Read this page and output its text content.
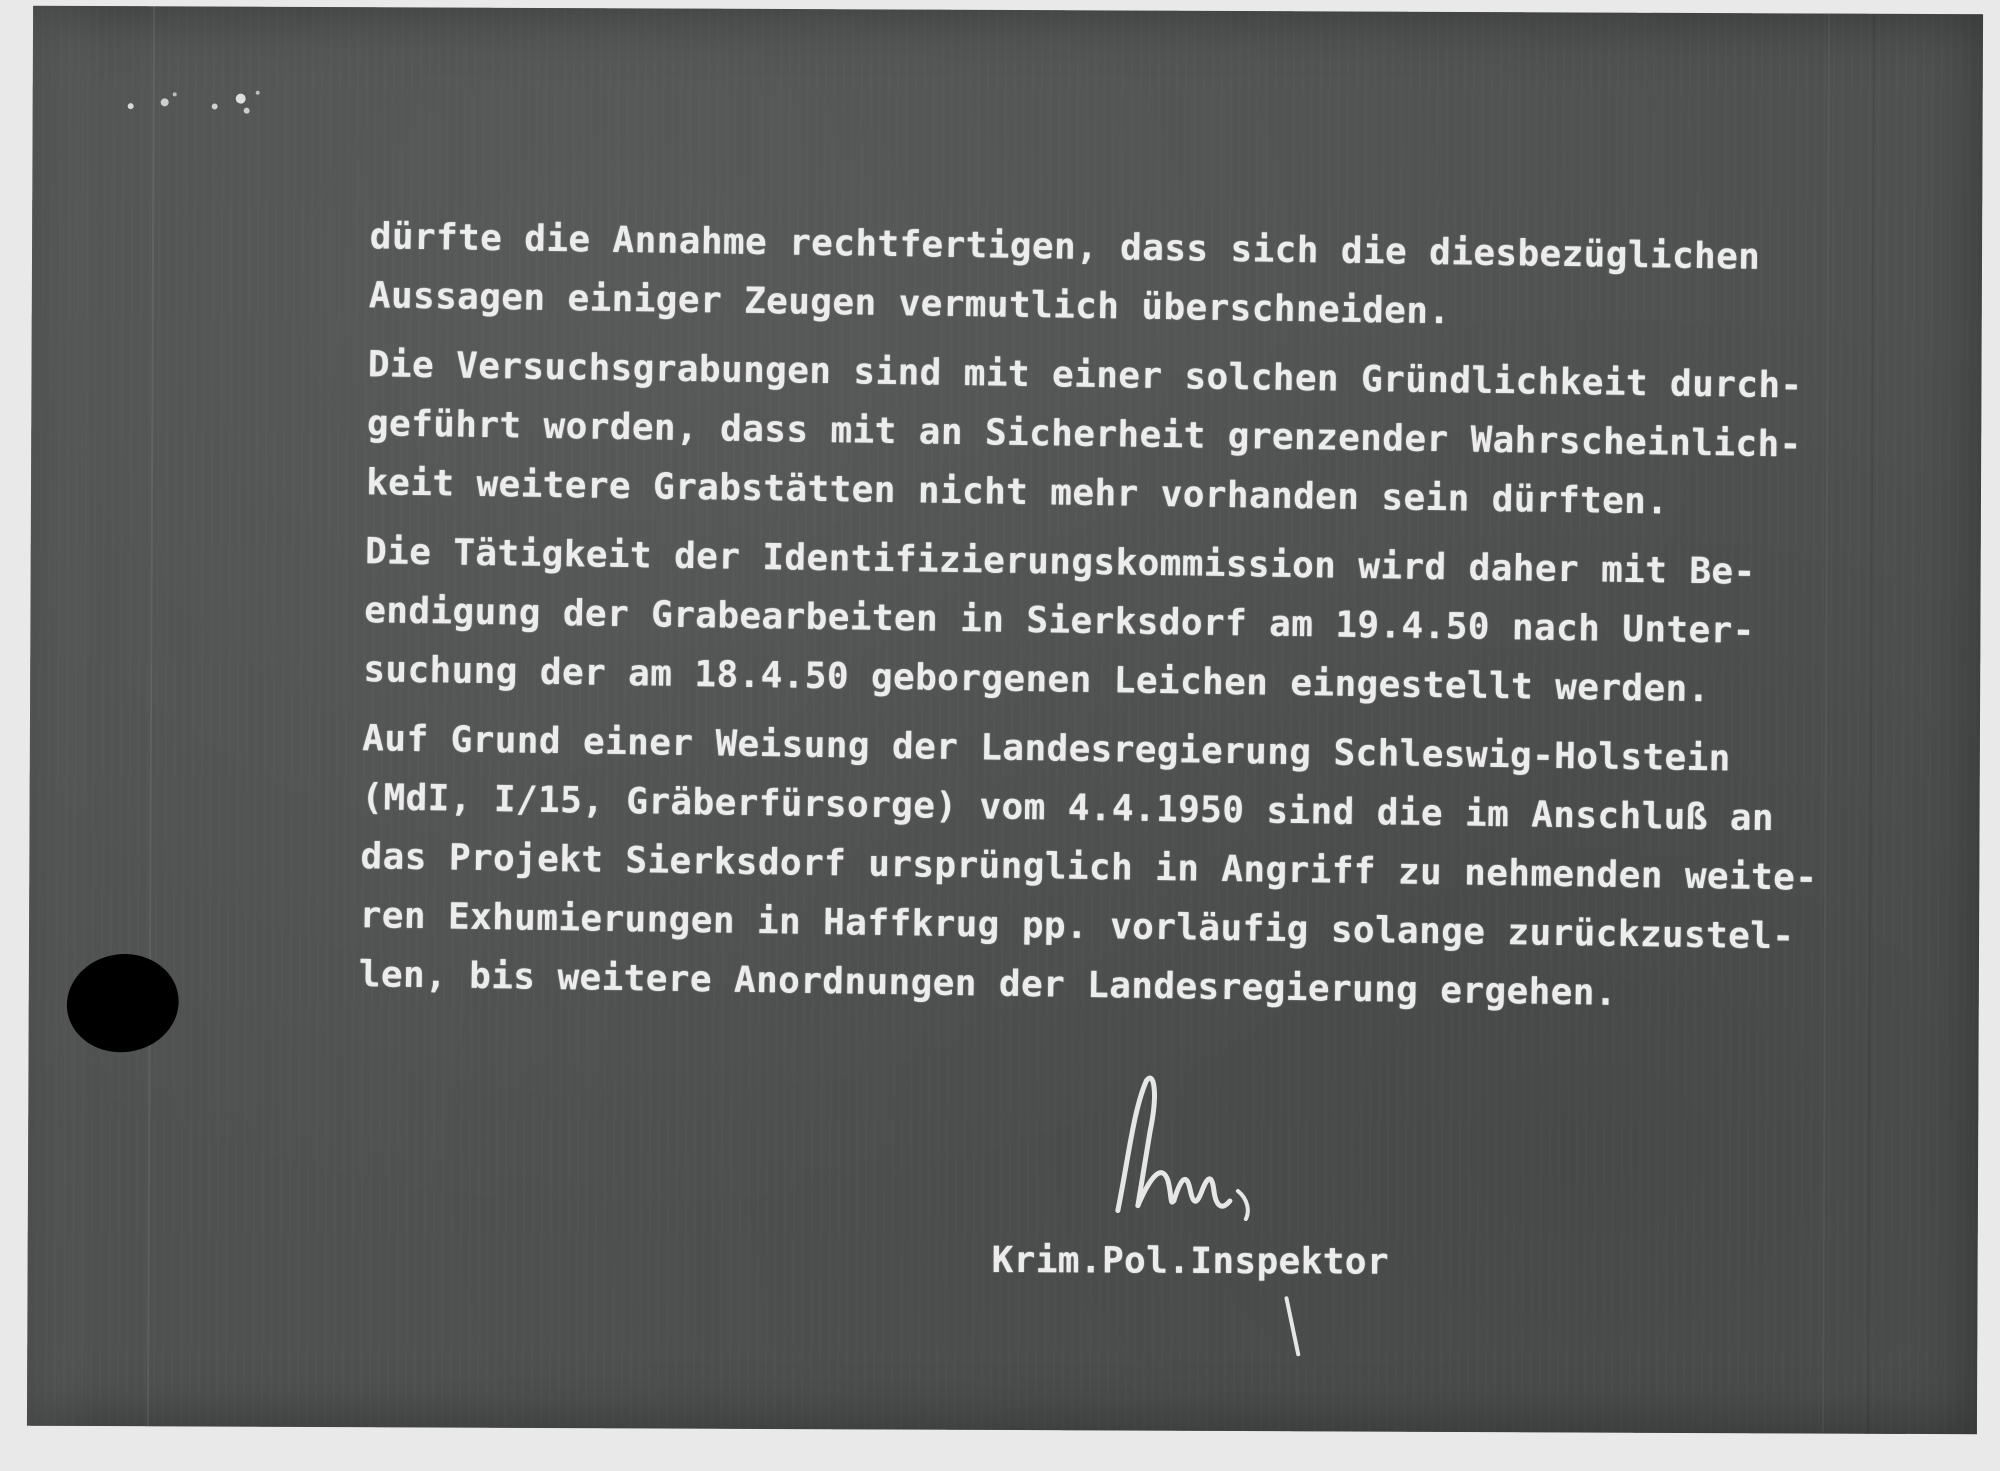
dürfte die Annahme rechtfertigen, dass sich die diesbezüglichen
Aussagen einiger Zeugen vermutlich überschneiden.
Die Versuchsgrabungen sind mit einer solchen Gründlichkeit durch-
geführt worden, dass mit an Sicherheit grenzender Wahrscheinlich-
keit weitere Grabstätten nicht mehr vorhanden sein dürften.
Die Tätigkeit der Identifizierungskommission wird daher mit Be-
endigung der Grabearbeiten in Sierksdorf am 19.4.50 nach Unter-
suchung der am 18.4.50 geborgenen Leichen eingestellt werden.
Auf Grund einer Weisung der Landesregierung Schleswig-Holstein
(MdI, I/15, Gräberfürsorge) vom 4.4.1950 sind die im Anschluß an
das Projekt Sierksdorf ursprünglich in Angriff zu nehmenden weite-
ren Exhumierungen in Haffkrug pp. vorläufig solange zurückzustel-
len, bis weitere Anordnungen der Landesregierung ergehen.
Krim.Pol.Inspektor
